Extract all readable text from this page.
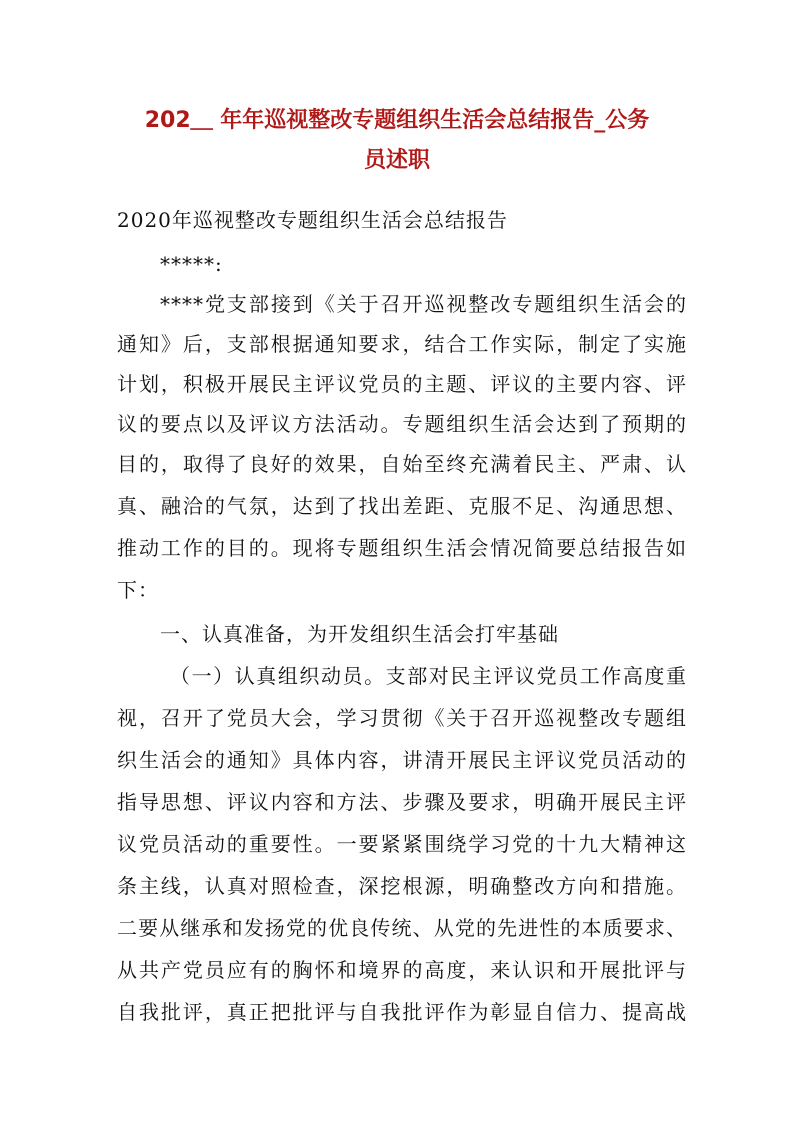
202＿ 年年巡视整改专题组织生活会总结报告_公务
员述职

2020年巡视整改专题组织生活会总结报告

*****:

****党支部接到《关于召开巡视整改专题组织生活会的

通知》后，支部根据通知要求，结合工作实际，制定了实施

计划，积极开展民主评议党员的主题、评议的主要内容、评

议的要点以及评议方法活动。专题组织生活会达到了预期的

目的，取得了良好的效果，自始至终充满着民主、严肃、认

真、融洽的气氛，达到了找出差距、克服不足、沟通思想、

推动工作的目的。现将专题组织生活会情况简要总结报告如

下：

一、认真准备，为开发组织生活会打牢基础

（一）认真组织动员。支部对民主评议党员工作高度重

视，召开了党员大会，学习贯彻《关于召开巡视整改专题组

织生活会的通知》具体内容，讲清开展民主评议党员活动的

指导思想、评议内容和方法、步骤及要求，明确开展民主评

议党员活动的重要性。一要紧紧围绕学习党的十九大精神这

条主线，认真对照检查，深挖根源，明确整改方向和措施。

二要从继承和发扬党的优良传统、从党的先进性的本质要求、

从共产党员应有的胸怀和境界的高度，来认识和开展批评与

自我批评，真正把批评与自我批评作为彰显自信力、提高战
